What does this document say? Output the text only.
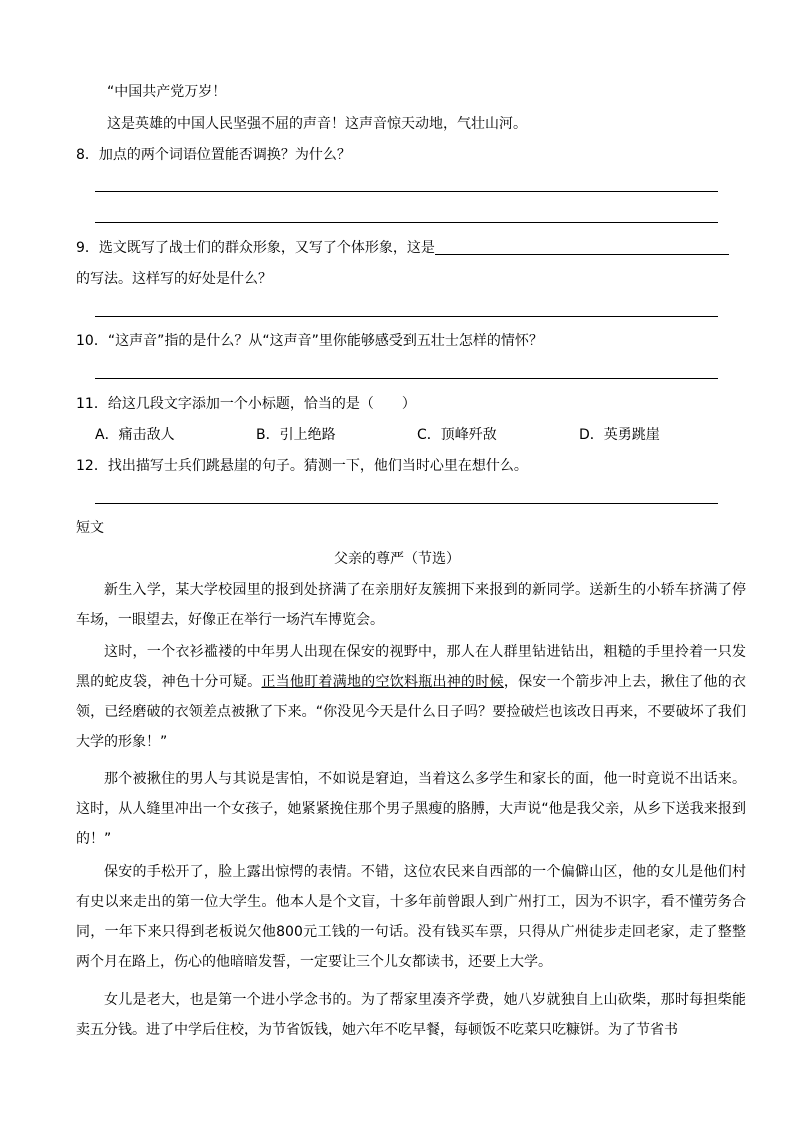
“中国共产党万岁！
这是英雄的中国人民坚强不屈的声音！这声音惊天动地，气壮山河。
8．加点的两个词语位置能否调换？为什么？
9．选文既写了战士们的群众形象，又写了个体形象，这是
的写法。这样写的好处是什么？
10．“这声音”指的是什么？从“这声音”里你能够感受到五壮士怎样的情怀？
11．给这几段文字添加一个小标题，恰当的是（　　）
A．痛击敌人	B．引上绝路	C．顶峰歼敌	D．英勇跳崖
12．找出描写士兵们跳悬崖的句子。猜测一下，他们当时心里在想什么。
短文
父亲的尊严（节选）
新生入学，某大学校园里的报到处挤满了在亲朋好友簇拥下来报到的新同学。送新生的小轿车挤满了停车场，一眼望去，好像正在举行一场汽车博览会。
这时，一个衣衫褴褛的中年男人出现在保安的视野中，那人在人群里钻进钻出，粗糙的手里拎着一只发黑的蛇皮袋，神色十分可疑。正当他盯着满地的空饮料瓶出神的时候，保安一个箭步冲上去，揪住了他的衣领，已经磨破的衣领差点被揪了下来。“你没见今天是什么日子吗？要捡破烂也该改日再来，不要破坏了我们大学的形象！”
那个被揪住的男人与其说是害怕，不如说是窘迫，当着这么多学生和家长的面，他一时竟说不出话来。这时，从人缝里冲出一个女孩子，她紧紧挽住那个男子黑瘦的胳膊，大声说“他是我父亲，从乡下送我来报到的！”
保安的手松开了，脸上露出惊愕的表情。不错，这位农民来自西部的一个偏僻山区，他的女儿是他们村有史以来走出的第一位大学生。他本人是个文盲，十多年前曾跟人到广州打工，因为不识字，看不懂劳务合同，一年下来只得到老板说欠他800元工钱的一句话。没有钱买车票，只得从广州徒步走回老家，走了整整两个月在路上，伤心的他暗暗发誓，一定要让三个儿女都读书，还要上大学。
女儿是老大，也是第一个进小学念书的。为了帮家里凑齐学费，她八岁就独自上山砍柴，那时每担柴能卖五分钱。进了中学后住校，为节省饭钱，她六年不吃早餐，每顿饭不吃菜只吃糠饼。为了节省书
